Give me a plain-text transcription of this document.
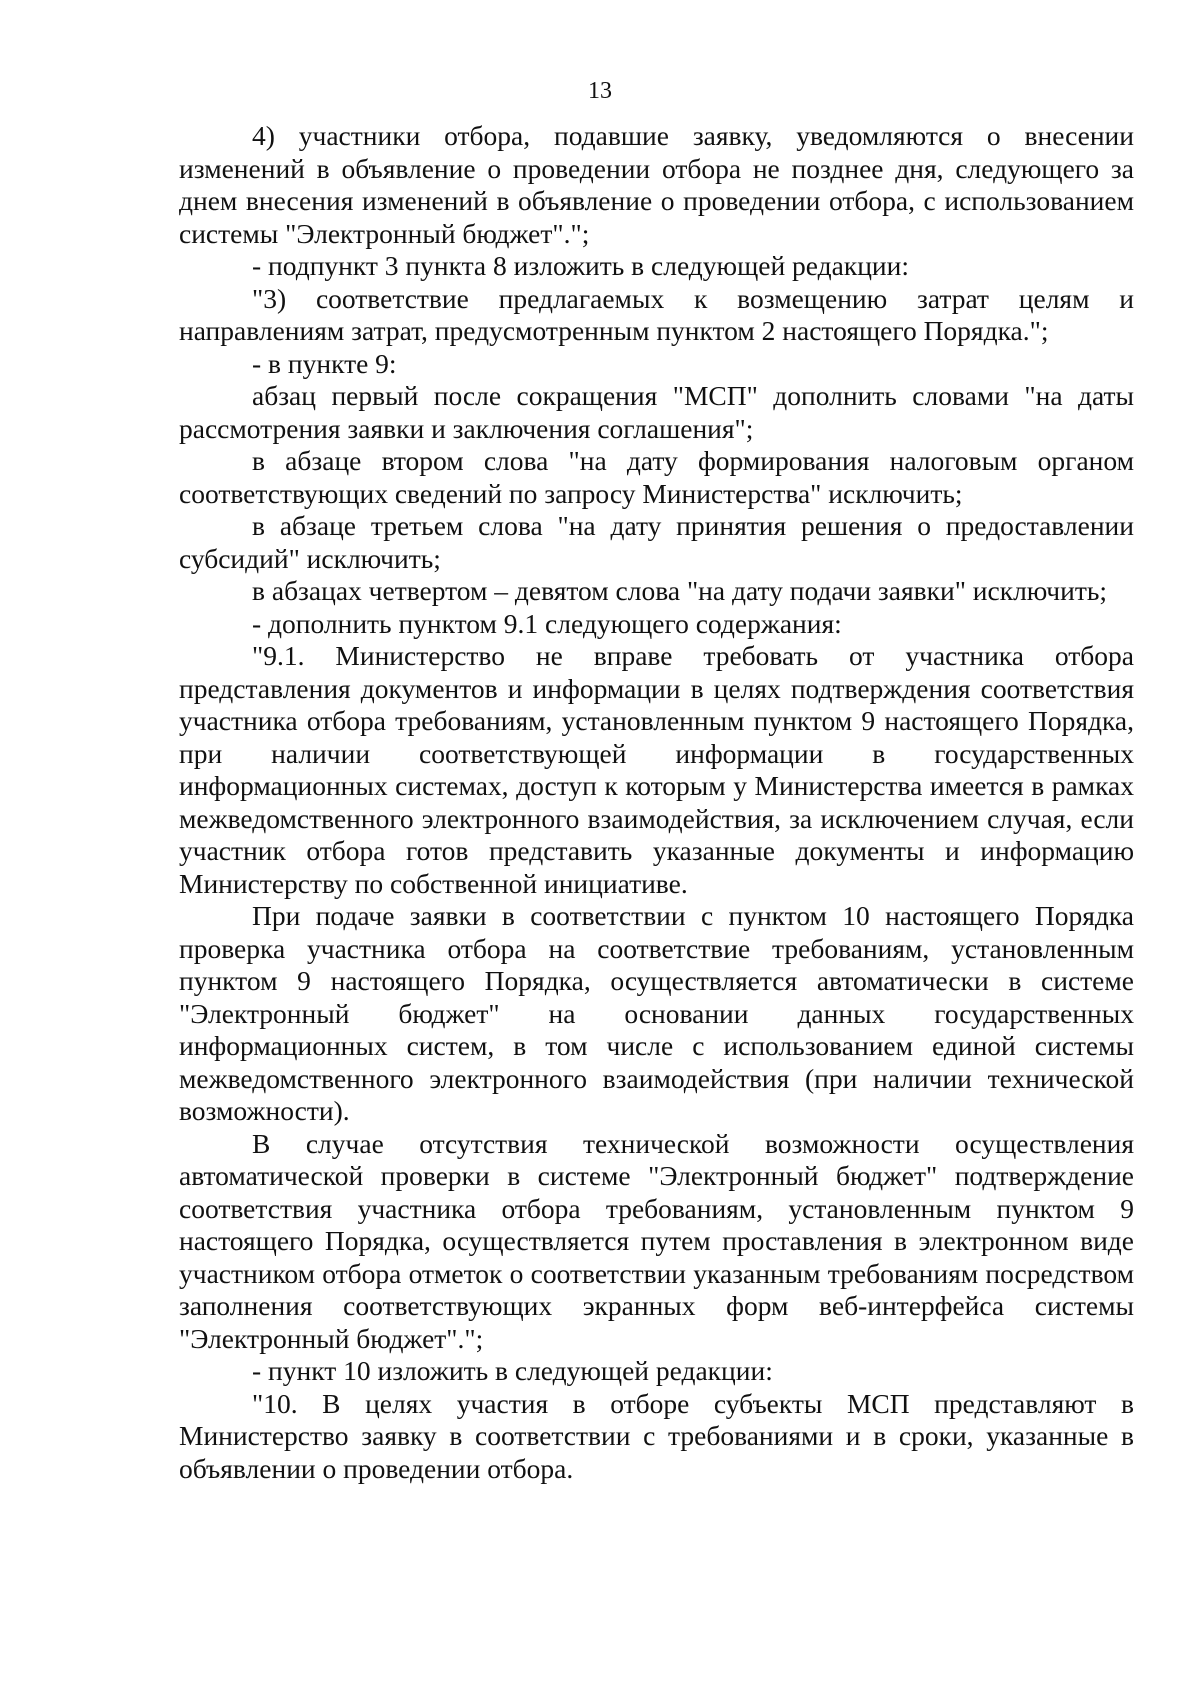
13

4) участники отбора, подавшие заявку, уведомляются о внесении изменений в объявление о проведении отбора не позднее дня, следующего за днем внесения изменений в объявление о проведении отбора, с использованием системы "Электронный бюджет".";

- подпункт 3 пункта 8 изложить в следующей редакции:

"3) соответствие предлагаемых к возмещению затрат целям и направлениям затрат, предусмотренным пунктом 2 настоящего Порядка.";

- в пункте 9:

абзац первый после сокращения "МСП" дополнить словами "на даты рассмотрения заявки и заключения соглашения";

в абзаце втором слова "на дату формирования налоговым органом соответствующих сведений по запросу Министерства" исключить;

в абзаце третьем слова "на дату принятия решения о предоставлении субсидий" исключить;

в абзацах четвертом – девятом слова "на дату подачи заявки" исключить;

- дополнить пунктом 9.1 следующего содержания:

"9.1. Министерство не вправе требовать от участника отбора представления документов и информации в целях подтверждения соответствия участника отбора требованиям, установленным пунктом 9 настоящего Порядка, при наличии соответствующей информации в государственных информационных системах, доступ к которым у Министерства имеется в рамках межведомственного электронного взаимодействия, за исключением случая, если участник отбора готов представить указанные документы и информацию Министерству по собственной инициативе.

При подаче заявки в соответствии с пунктом 10 настоящего Порядка проверка участника отбора на соответствие требованиям, установленным пунктом 9 настоящего Порядка, осуществляется автоматически в системе "Электронный бюджет" на основании данных государственных информационных систем, в том числе с использованием единой системы межведомственного электронного взаимодействия (при наличии технической возможности).

В случае отсутствия технической возможности осуществления автоматической проверки в системе "Электронный бюджет" подтверждение соответствия участника отбора требованиям, установленным пунктом 9 настоящего Порядка, осуществляется путем проставления в электронном виде участником отбора отметок о соответствии указанным требованиям посредством заполнения соответствующих экранных форм веб-интерфейса системы "Электронный бюджет".";

- пункт 10 изложить в следующей редакции:

"10. В целях участия в отборе субъекты МСП представляют в Министерство заявку в соответствии с требованиями и в сроки, указанные в объявлении о проведении отбора.
